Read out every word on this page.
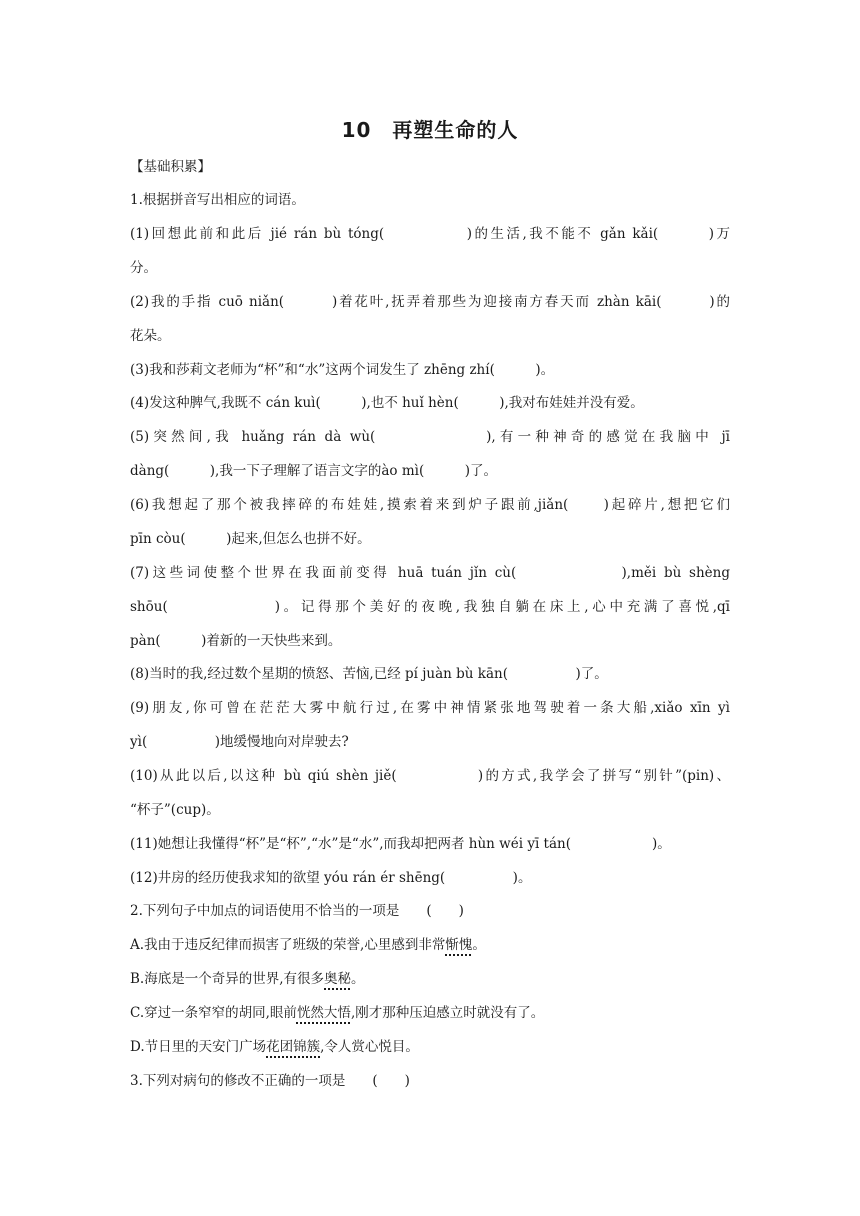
10　再塑生命的人
【基础积累】
1.根据拼音写出相应的词语。
(1)回想此前和此后 jié rán bù tóng(　　　　　)的生活,我不能不 gǎn kǎi(　　　)万
分。
(2)我的手指 cuō niǎn(　　　)着花叶,抚弄着那些为迎接南方春天而 zhàn kāi(　　　)的
花朵。
(3)我和莎莉文老师为“杯”和“水”这两个词发生了 zhēng zhí(　　　)。
(4)发这种脾气,我既不 cán kuì(　　　),也不 huǐ hèn(　　　),我对布娃娃并没有爱。
(5)突然间,我 huǎng rán dà wù(　　　　　　),有一种神奇的感觉在我脑中 jī
dàng(　　　),我一下子理解了语言文字的ào mì(　　　)了。
(6)我想起了那个被我摔碎的布娃娃,摸索着来到炉子跟前,jiǎn(　　)起碎片,想把它们
pīn còu(　　　)起来,但怎么也拼不好。
(7)这些词使整个世界在我面前变得 huā tuán jǐn cù(　　　　　　),měi bù shèng
shōu(　　　　　　)。记得那个美好的夜晚,我独自躺在床上,心中充满了喜悦,qī
pàn(　　　)着新的一天快些来到。
(8)当时的我,经过数个星期的愤怒、苦恼,已经 pí juàn bù kān(　　　　　)了。
(9)朋友,你可曾在茫茫大雾中航行过,在雾中神情紧张地驾驶着一条大船,xiǎo xīn yì
yì(　　　　　)地缓慢地向对岸驶去?
(10)从此以后,以这种 bù qiú shèn jiě(　　　　　)的方式,我学会了拼写“别针”(pin)、
“杯子”(cup)。
(11)她想让我懂得“杯”是“杯”,“水”是“水”,而我却把两者 hùn wéi yī tán(　　　　　　)。
(12)井房的经历使我求知的欲望 yóu rán ér shēng(　　　　　)。
2.下列句子中加点的词语使用不恰当的一项是　　(　　)
A.我由于违反纪律而损害了班级的荣誉,心里感到非常惭愧。
B.海底是一个奇异的世界,有很多奥秘。
C.穿过一条窄窄的胡同,眼前恍然大悟,刚才那种压迫感立时就没有了。
D.节日里的天安门广场花团锦簇,令人赏心悦目。
3.下列对病句的修改不正确的一项是　　(　　)
